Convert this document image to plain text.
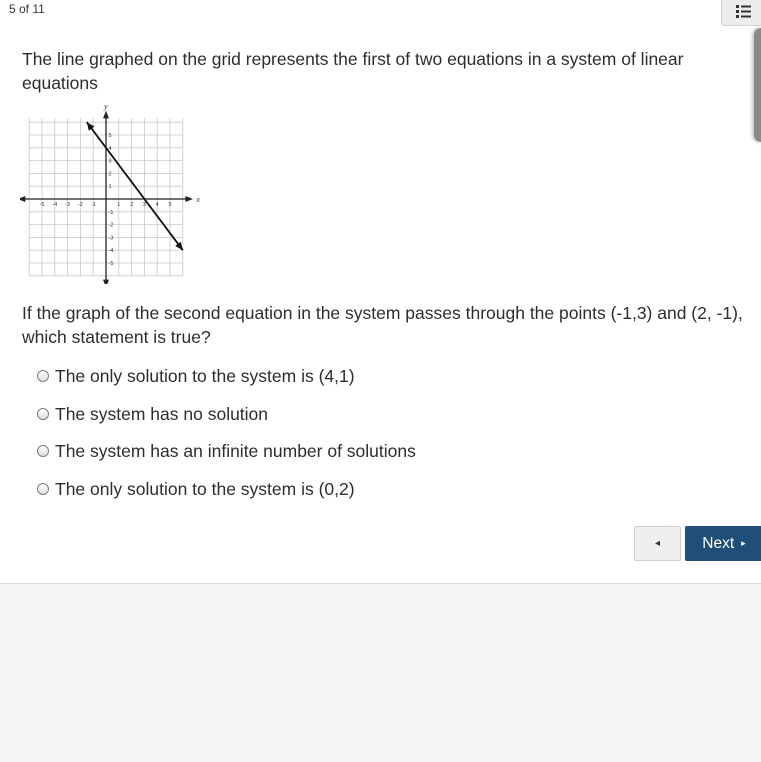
5 of 11

The line graphed on the grid represents the first of two equations in a system of linear equations

-5 -4 -3 -2 -1	1 2 3 4 5
5
4
3
2
1
-1
-2
-3
-4
-5
x
y

If the graph of the second equation in the system passes through the points (-1,3) and (2, -1), which statement is true?

The only solution to the system is (4,1)
The system has no solution
The system has an infinite number of solutions
The only solution to the system is (0,2)
◂	Next ▸
